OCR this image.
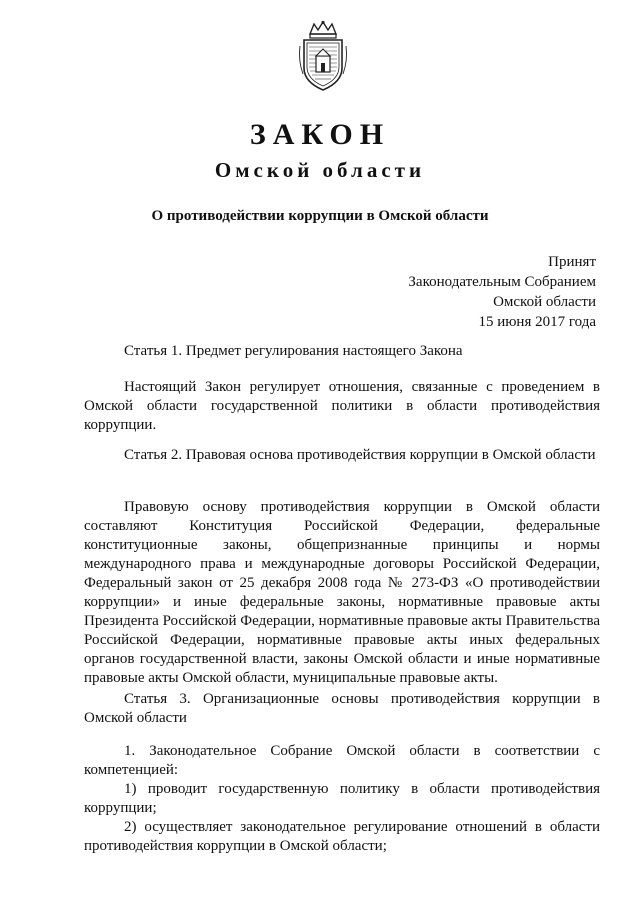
ЗАКОН
Омской области
О противодействии коррупции в Омской области
Принят
Законодательным Собранием
Омской области
15 июня 2017 года
Статья 1. Предмет регулирования настоящего Закона
Настоящий Закон регулирует отношения, связанные с проведением в Омской области государственной политики в области противодействия коррупции.
Статья 2. Правовая основа противодействия коррупции в Омской области
Правовую основу противодействия коррупции в Омской области составляют Конституция Российской Федерации, федеральные конституционные законы, общепризнанные принципы и нормы международного права и международные договоры Российской Федерации, Федеральный закон от 25 декабря 2008 года № 273-ФЗ «О противодействии коррупции» и иные федеральные законы, нормативные правовые акты Президента Российской Федерации, нормативные правовые акты Правительства Российской Федерации, нормативные правовые акты иных федеральных органов государственной власти, законы Омской области и иные нормативные правовые акты Омской области, муниципальные правовые акты.
Статья 3. Организационные основы противодействия коррупции в Омской области
1. Законодательное Собрание Омской области в соответствии с компетенцией:
1) проводит государственную политику в области противодействия коррупции;
2) осуществляет законодательное регулирование отношений в области противодействия коррупции в Омской области;
